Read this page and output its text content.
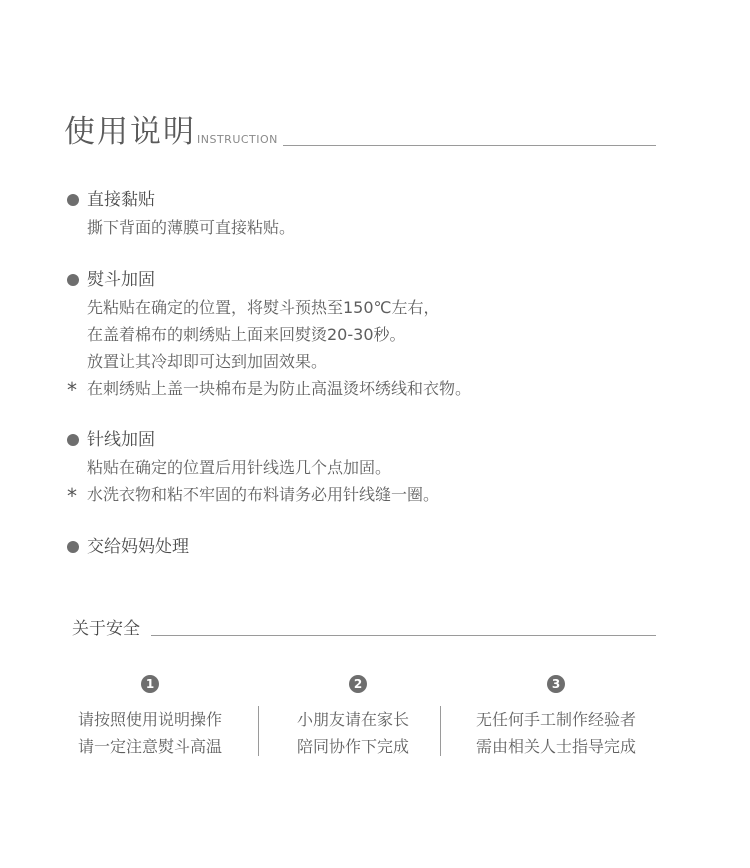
使用说明 INSTRUCTION
直接黏贴
撕下背面的薄膜可直接粘贴。
熨斗加固
先粘贴在确定的位置，将熨斗预热至150℃左右，
在盖着棉布的刺绣贴上面来回熨烫20-30秒。
放置让其冷却即可达到加固效果。
* 在刺绣贴上盖一块棉布是为防止高温烫坏绣线和衣物。
针线加固
粘贴在确定的位置后用针线选几个点加固。
* 水洗衣物和粘不牢固的布料请务必用针线缝一圈。
交给妈妈处理
关于安全
1	2	3
请按照使用说明操作
请一定注意熨斗高温
小朋友请在家长
陪同协作下完成
无任何手工制作经验者
需由相关人士指导完成
